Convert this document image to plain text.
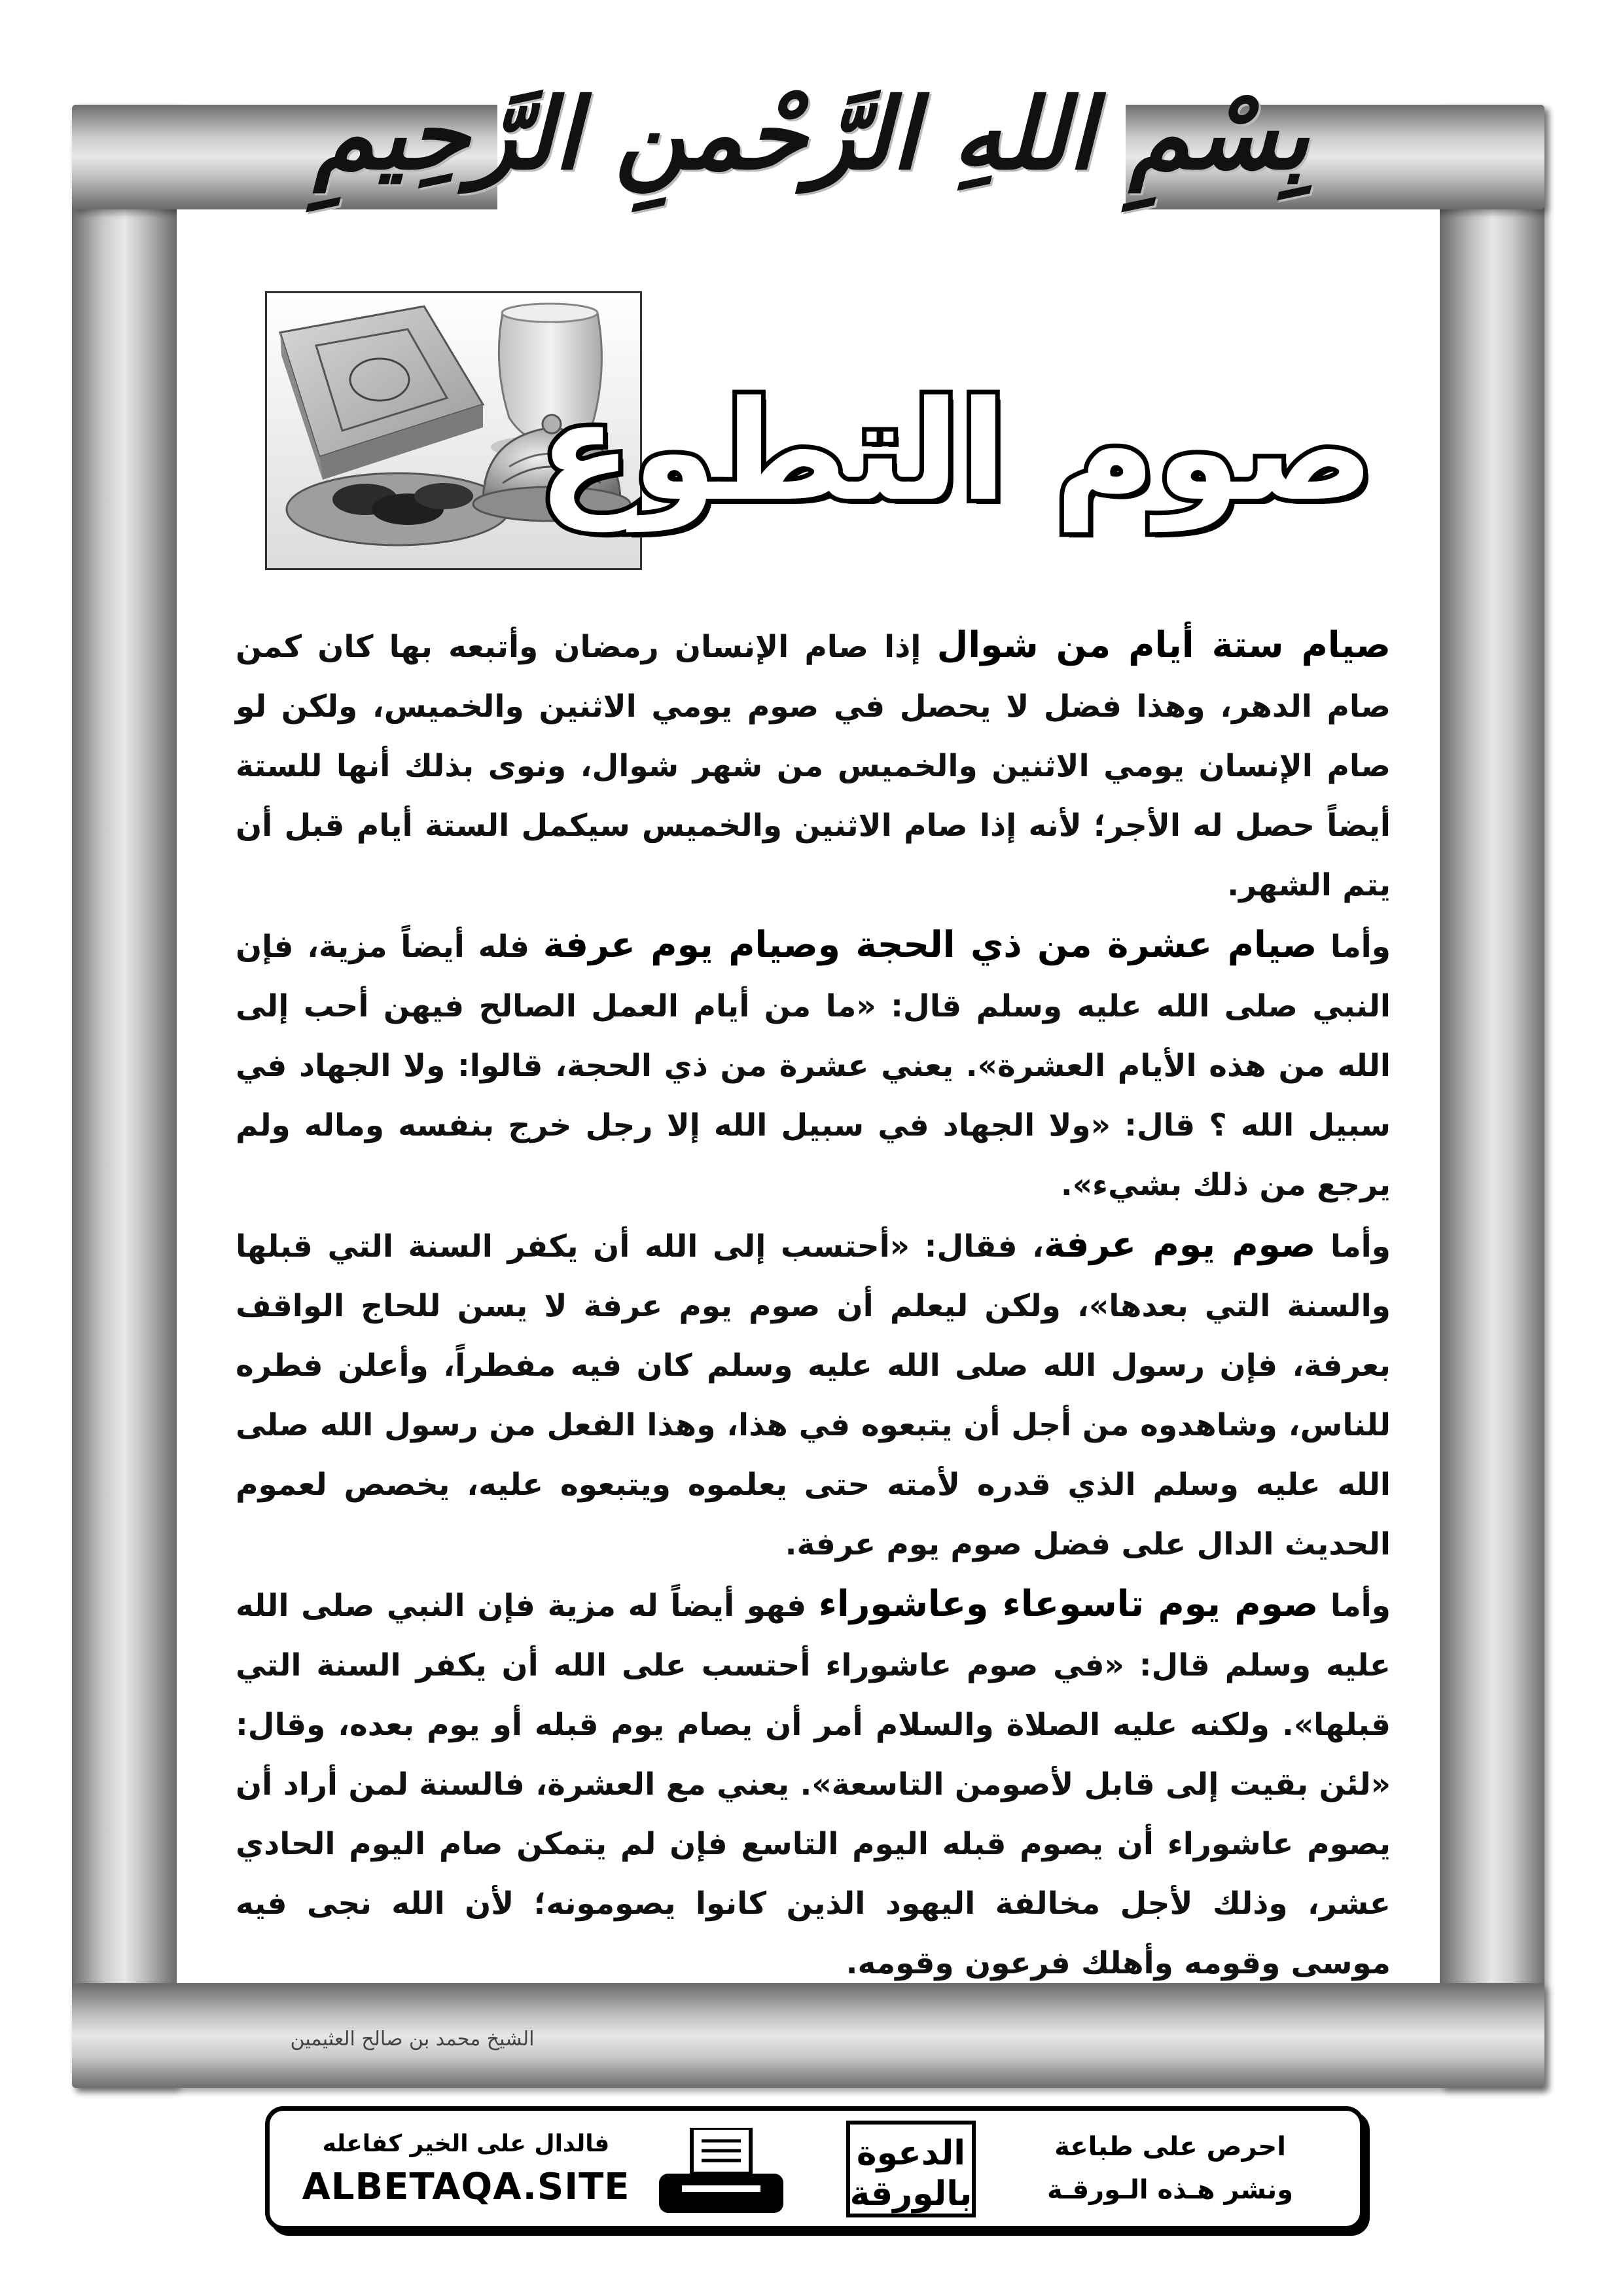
بِسْمِ اللهِ الرَّحْمنِ الرَّحِيمِ
صوم التطوع

صيام ستة أيام من شوال إذا صام الإنسان رمضان وأتبعه بها كان كمن صام الدهر، وهذا فضل لا يحصل في صوم يومي الاثنين والخميس، ولكن لو صام الإنسان يومي الاثنين والخميس من شهر شوال، ونوى بذلك أنها للستة أيضاً حصل له الأجر؛ لأنه إذا صام الاثنين والخميس سيكمل الستة أيام قبل أن يتم الشهر.

وأما صيام عشرة من ذي الحجة وصيام يوم عرفة فله أيضاً مزية، فإن النبي صلى الله عليه وسلم قال: «ما من أيام العمل الصالح فيهن أحب إلى الله من هذه الأيام العشرة». يعني عشرة من ذي الحجة، قالوا: ولا الجهاد في سبيل الله ؟ قال: «ولا الجهاد في سبيل الله إلا رجل خرج بنفسه وماله ولم يرجع من ذلك بشيء».

وأما صوم يوم عرفة، فقال: «أحتسب إلى الله أن يكفر السنة التي قبلها والسنة التي بعدها»، ولكن ليعلم أن صوم يوم عرفة لا يسن للحاج الواقف بعرفة، فإن رسول الله صلى الله عليه وسلم كان فيه مفطراً، وأعلن فطره للناس، وشاهدوه من أجل أن يتبعوه في هذا، وهذا الفعل من رسول الله صلى الله عليه وسلم الذي قدره لأمته حتى يعلموه ويتبعوه عليه، يخصص لعموم الحديث الدال على فضل صوم يوم عرفة.

وأما صوم يوم تاسوعاء وعاشوراء فهو أيضاً له مزية فإن النبي صلى الله عليه وسلم قال: «في صوم عاشوراء أحتسب على الله أن يكفر السنة التي قبلها». ولكنه عليه الصلاة والسلام أمر أن يصام يوم قبله أو يوم بعده، وقال: «لئن بقيت إلى قابل لأصومن التاسعة». يعني مع العشرة، فالسنة لمن أراد أن يصوم عاشوراء أن يصوم قبله اليوم التاسع فإن لم يتمكن صام اليوم الحادي عشر، وذلك لأجل مخالفة اليهود الذين كانوا يصومونه؛ لأن الله نجى فيه موسى وقومه وأهلك فرعون وقومه.

الشيخ محمد بن صالح العثيمين
فالدال على الخير كفاعله
ALBETAQA.SITE
الدعوة
بالورقة
احرص على طباعة
ونشر هـذه الـورقـة
